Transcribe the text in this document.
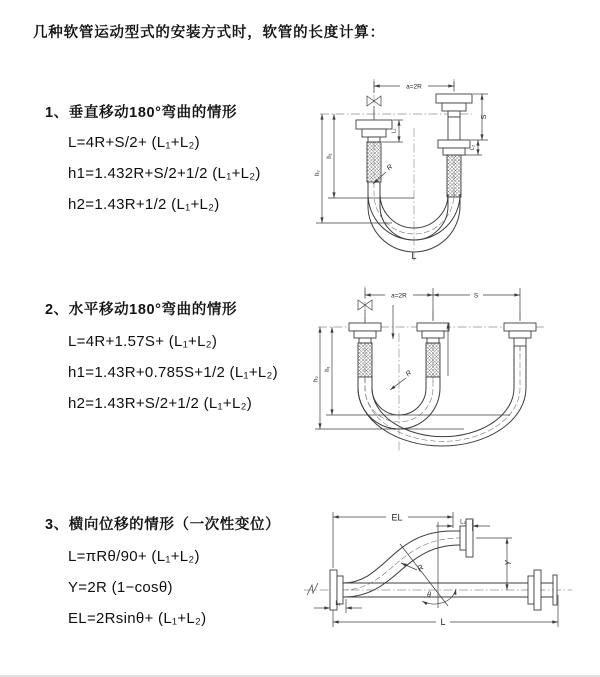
几种软管运动型式的安装方式时，软管的长度计算：
1、垂直移动180°弯曲的情形
L=4R+S/2+ (L₁+L₂)
h1=1.432R+S/2+1/2 (L₁+L₂)
h2=1.43R+1/2 (L₁+L₂)
a=2R
S
L₂
L₁
h₁
h₂
R
L
2、水平移动180°弯曲的情形
L=4R+1.57S+ (L₁+L₂)
h1=1.43R+0.785S+1/2 (L₁+L₂)
h2=1.43R+S/2+1/2 (L₁+L₂)
a=2R	S
h₁
h₂
R
3、横向位移的情形（一次性变位）
L=πRθ/90+ (L₁+L₂)
Y=2R (1−cosθ)
EL=2Rsinθ+ (L₁+L₂)
EL	L₂
Y
R
θ
L
L₁
